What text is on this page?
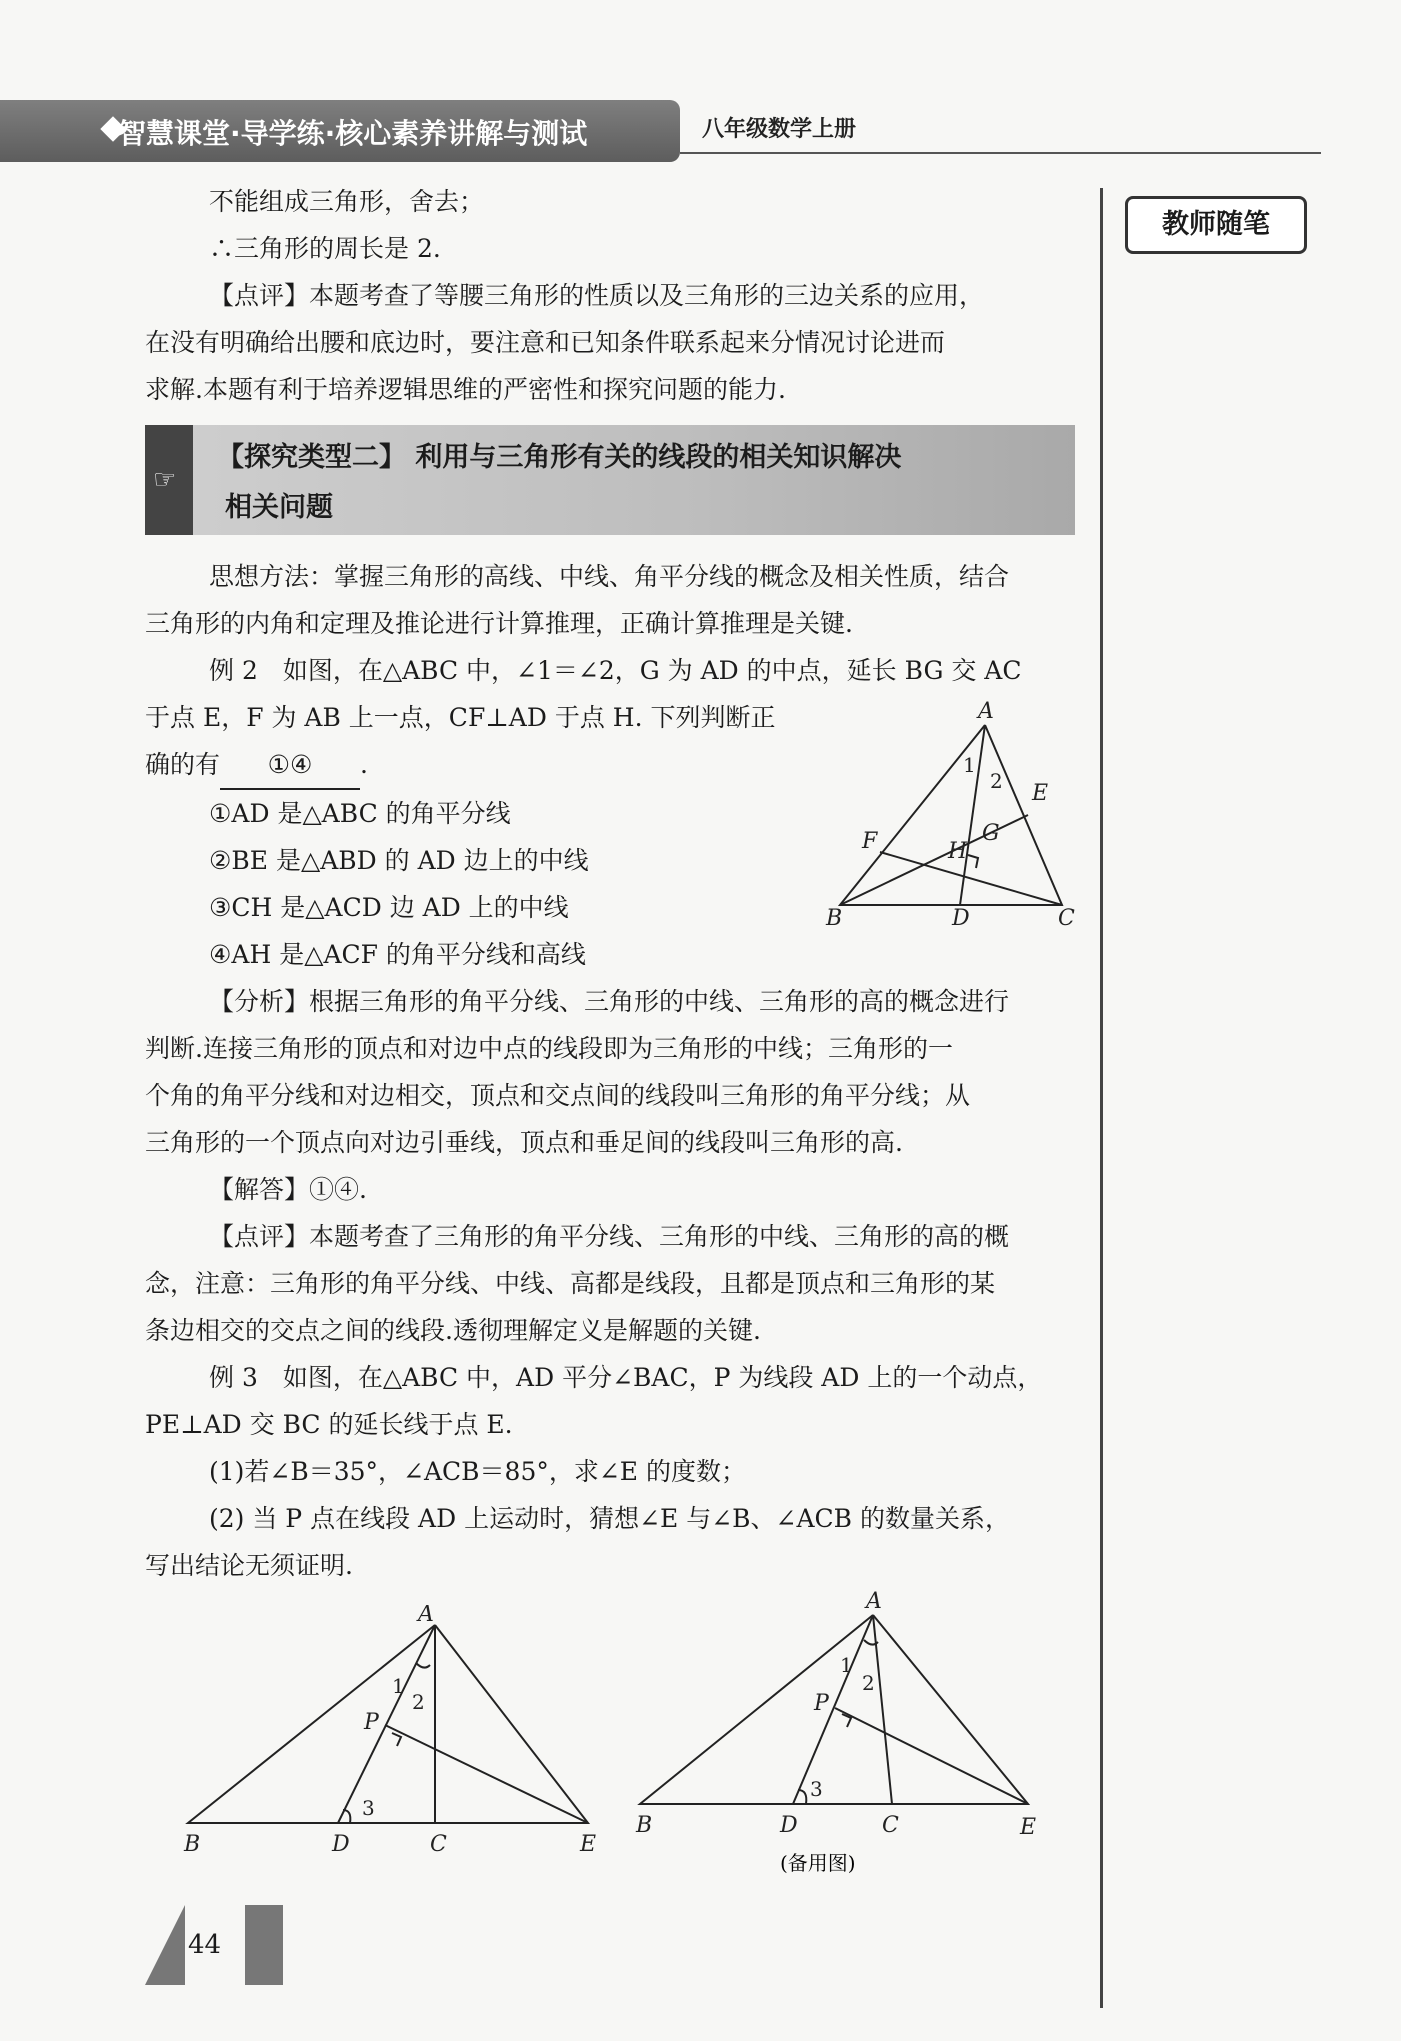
智慧课堂·导学练·核心素养讲解与测试	八年级数学上册
教师随笔

不能组成三角形，舍去；

∴三角形的周长是 2.

【点评】本题考查了等腰三角形的性质以及三角形的三边关系的应用，

在没有明确给出腰和底边时，要注意和已知条件联系起来分情况讨论进而

求解.本题有利于培养逻辑思维的严密性和探究问题的能力.

☞
【探究类型二】 利用与三角形有关的线段的相关知识解决
相关问题

思想方法：掌握三角形的高线、中线、角平分线的概念及相关性质，结合

三角形的内角和定理及推论进行计算推理，正确计算推理是关键.

例 2　如图，在△ABC 中，∠1＝∠2，G 为 AD 的中点，延长 BG 交 AC

于点 E，F 为 AB 上一点，CF⊥AD 于点 H. 下列判断正

确的有 ①④ .

①AD 是△ABC 的角平分线

②BE 是△ABD 的 AD 边上的中线

③CH 是△ACD 边 AD 上的中线

④AH 是△ACF 的角平分线和高线

【分析】根据三角形的角平分线、三角形的中线、三角形的高的概念进行

判断.连接三角形的顶点和对边中点的线段即为三角形的中线；三角形的一

个角的角平分线和对边相交，顶点和交点间的线段叫三角形的角平分线；从

三角形的一个顶点向对边引垂线，顶点和垂足间的线段叫三角形的高.

【解答】①④.

【点评】本题考查了三角形的角平分线、三角形的中线、三角形的高的概

念，注意：三角形的角平分线、中线、高都是线段，且都是顶点和三角形的某

条边相交的交点之间的线段.透彻理解定义是解题的关键.

例 3　如图，在△ABC 中，AD 平分∠BAC，P 为线段 AD 上的一个动点，

PE⊥AD 交 BC 的延长线于点 E.

(1)若∠B＝35°，∠ACB＝85°，求∠E 的度数；

(2) 当 P 点在线段 AD 上运动时，猜想∠E 与∠B、∠ACB 的数量关系，

写出结论无须证明.

A
B	D	C
E
F	G
H
1
2
A
B	D	C	E
P
1
2
3
A
B	D	C	E
P
1
2
3
(备用图)
44
